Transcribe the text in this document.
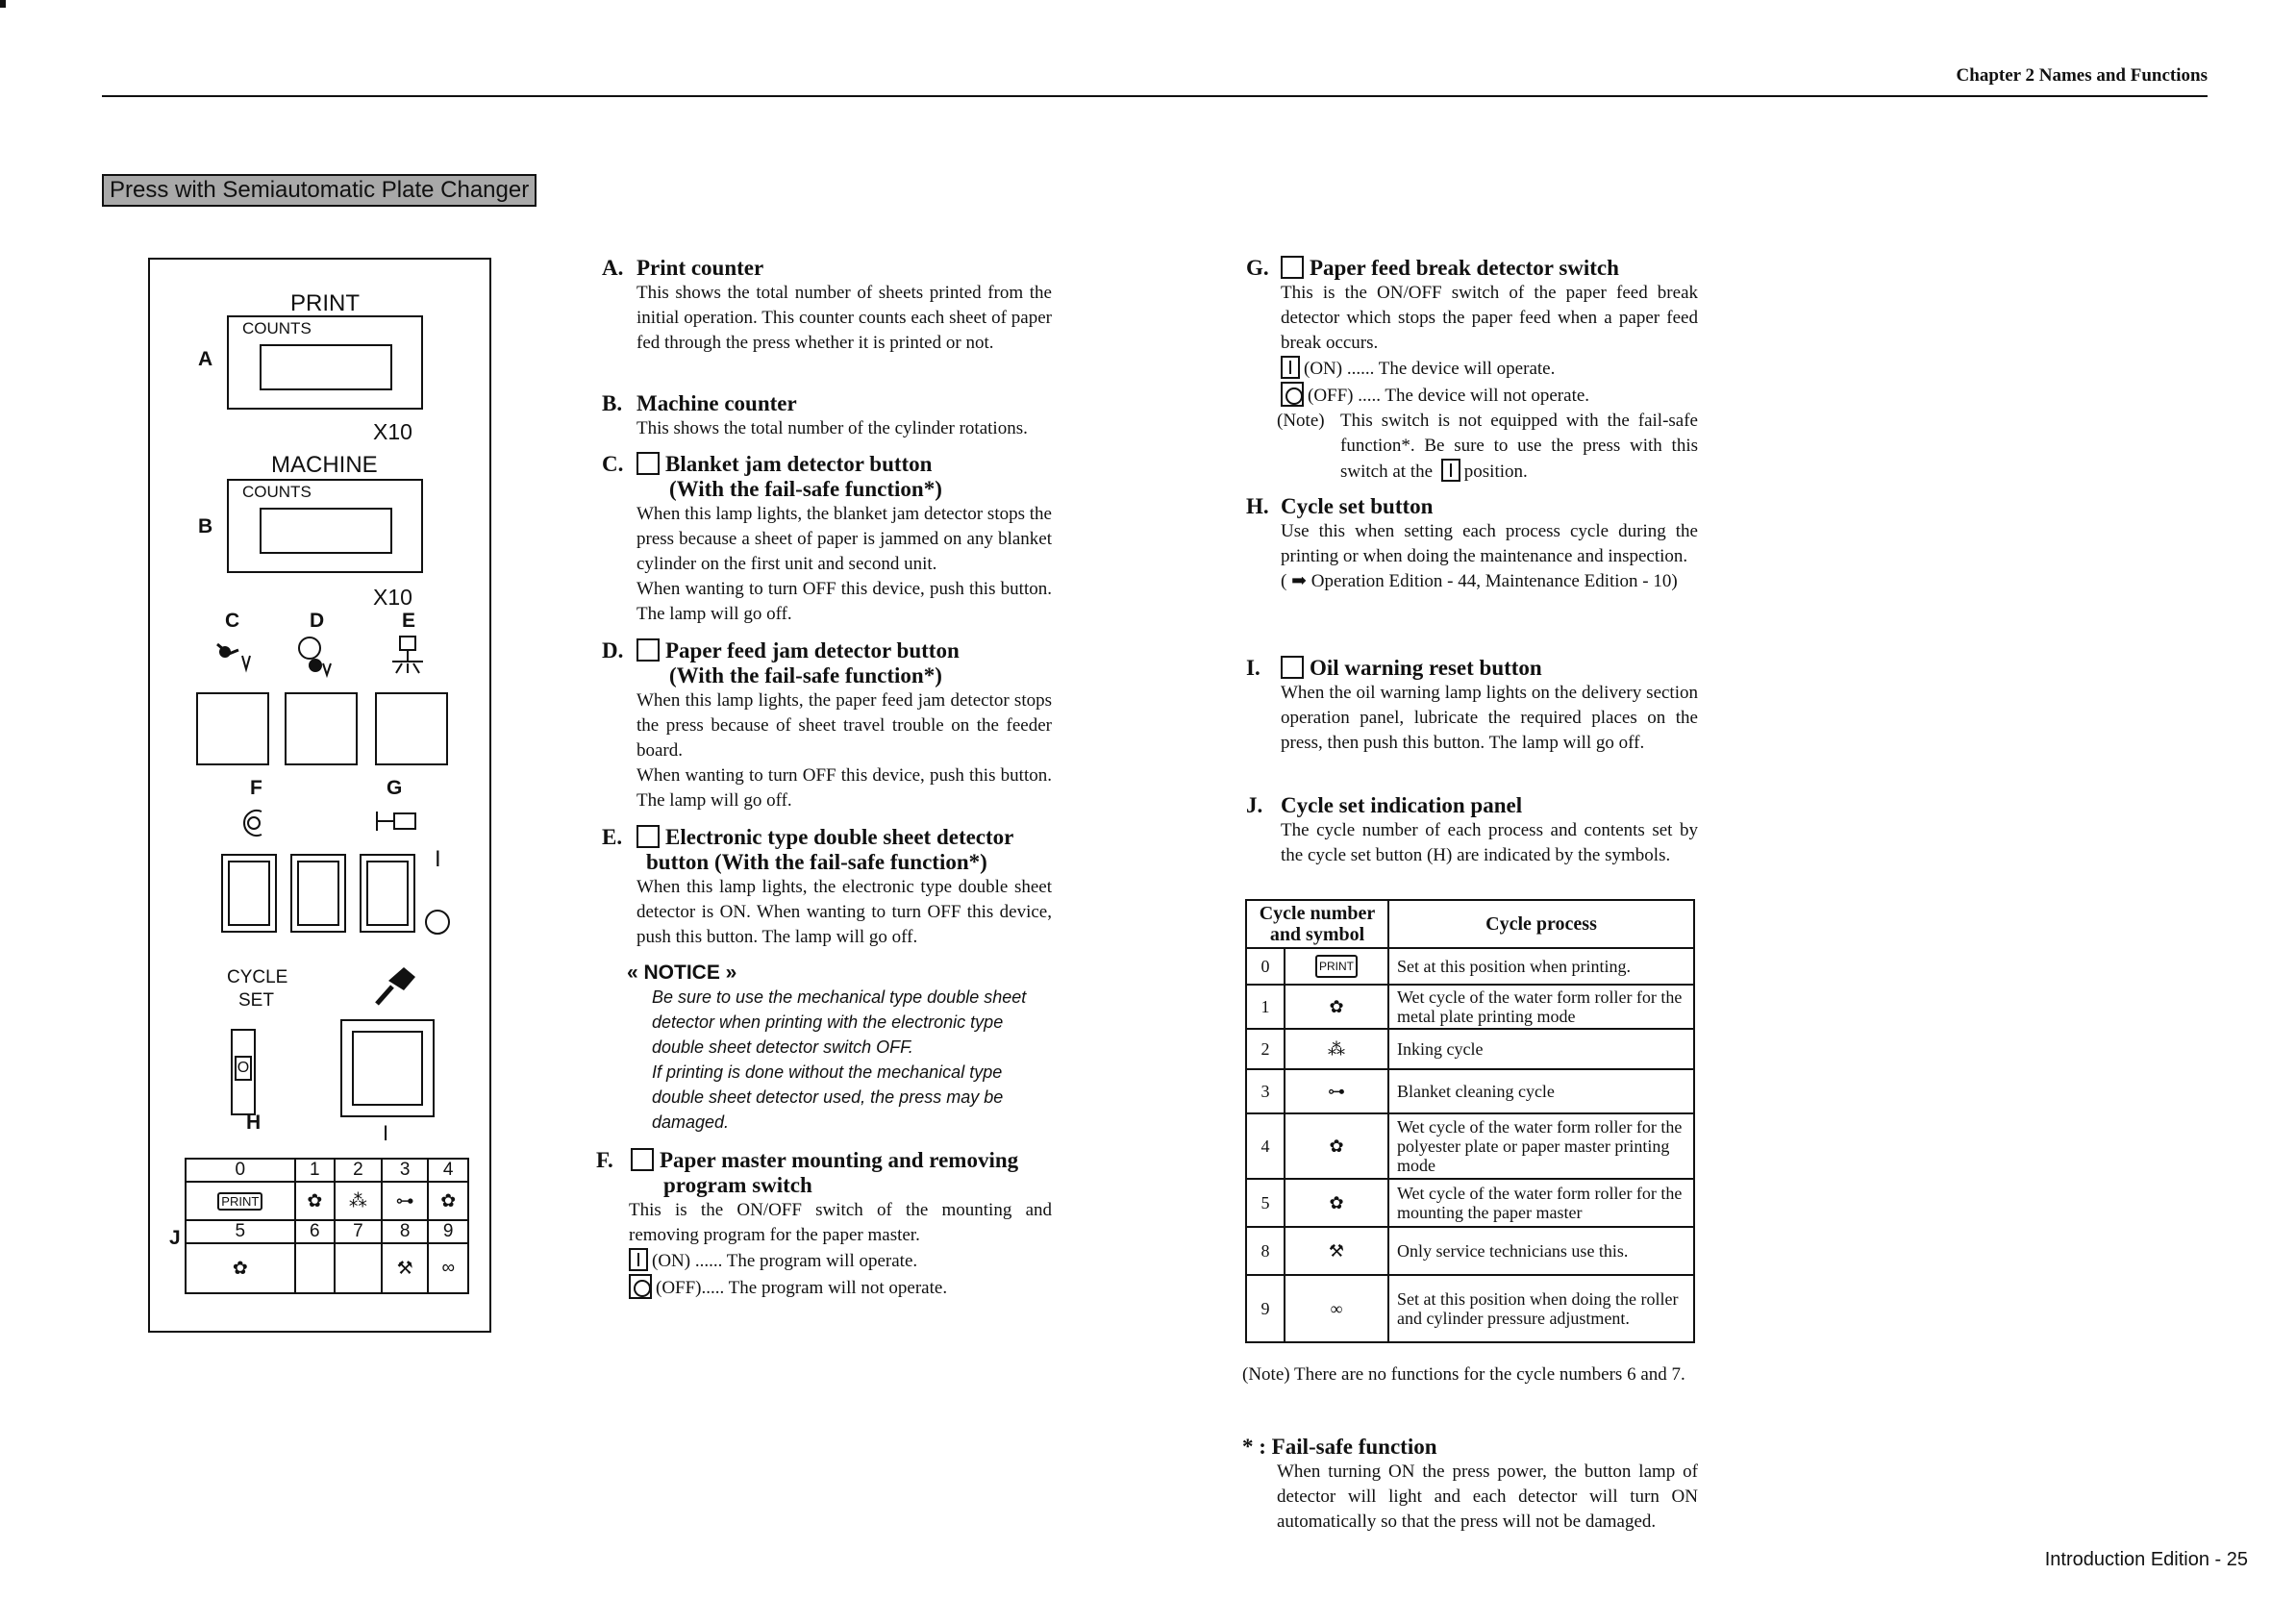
Chapter 2 Names and Functions
Press with Semiautomatic Plate Changer
PRINT
A
COUNTS
X10
MACHINE
B
COUNTS
X10
C	D	E
F	G
I
CYCLE
SET
O
H	I
J
0	1	2	3	4
PRINT	✿	⁂	⊶	✿
5	6	7	8	9
✿			⚒	∞
A. Print counter

This shows the total number of sheets printed from the initial operation. This counter counts each sheet of paper fed through the press whether it is printed or not.

B. Machine counter

This shows the total number of the cylinder rotations.

C. Blanket jam detector button
(With the fail-safe function*)

When this lamp lights, the blanket jam detector stops the press because a sheet of paper is jammed on any blanket cylinder on the first unit and second unit.

When wanting to turn OFF this device, push this button. The lamp will go off.

D. Paper feed jam detector button
(With the fail-safe function*)

When this lamp lights, the paper feed jam detector stops the press because of sheet travel trouble on the feeder board.

When wanting to turn OFF this device, push this button. The lamp will go off.

E. Electronic type double sheet detector
button (With the fail-safe function*)

When this lamp lights, the electronic type double sheet detector is ON. When wanting to turn OFF this device, push this button. The lamp will go off.

« NOTICE »

Be sure to use the mechanical type double sheet detector when printing with the electronic type double sheet detector switch OFF.

If printing is done without the mechanical type double sheet detector used, the press may be damaged.

F. Paper master mounting and removing
program switch

This is the ON/OFF switch of the mounting and removing program for the paper master.

(ON) ...... The program will operate.

(OFF)..... The program will not operate.

G. Paper feed break detector switch

This is the ON/OFF switch of the paper feed break detector which stops the paper feed when a paper feed break occurs.

(ON) ...... The device will operate.

(OFF) ..... The device will not operate.

(Note) This switch is not equipped with the fail-safe function*. Be sure to use the press with this switch at the position.
H. Cycle set button

Use this when setting each process cycle during the printing or when doing the maintenance and inspection.

( ➡ Operation Edition - 44, Maintenance Edition - 10)

I. Oil warning reset button

When the oil warning lamp lights on the delivery section operation panel, lubricate the required places on the press, then push this button. The lamp will go off.

J. Cycle set indication panel

The cycle number of each process and contents set by the cycle set button (H) are indicated by the symbols.

Cycle number
and symbol		Cycle process
0	PRINT	Set at this position when printing.
1	✿	Wet cycle of the water form roller for the metal plate printing mode
2	⁂	Inking cycle
3	⊶	Blanket cleaning cycle
4	✿	Wet cycle of the water form roller for the polyester plate or paper master printing mode
5	✿	Wet cycle of the water form roller for the mounting the paper master
8	⚒	Only service technicians use this.
9	∞	Set at this position when doing the roller and cylinder pressure adjustment.
(Note) There are no functions for the cycle numbers 6 and 7.
* : Fail-safe function

When turning ON the press power, the button lamp of detector will light and each detector will turn ON automatically so that the press will not be damaged.

Introduction Edition - 25
